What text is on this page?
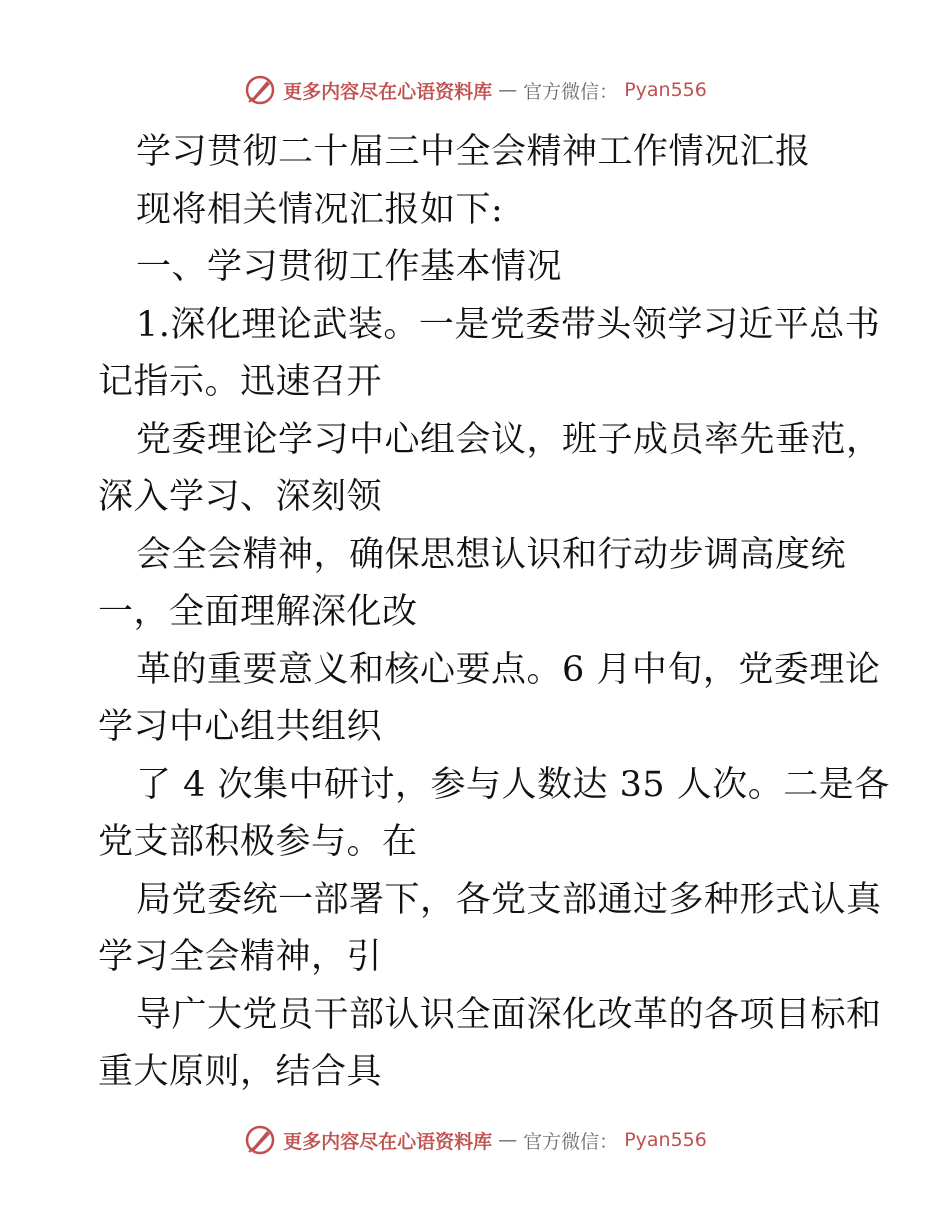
更多内容尽在心语资料库 — 官方微信： Pyan556

学习贯彻二十届三中全会精神工作情况汇报

现将相关情况汇报如下:

一、学习贯彻工作基本情况

1.深化理论武装。一是党委带头领学习近平总书

记指示。迅速召开

党委理论学习中心组会议，班子成员率先垂范，

深入学习、深刻领

会全会精神，确保思想认识和行动步调高度统

一，全面理解深化改

革的重要意义和核心要点。6 月中旬，党委理论

学习中心组共组织

了 4 次集中研讨，参与人数达 35 人次。二是各

党支部积极参与。在

局党委统一部署下，各党支部通过多种形式认真

学习全会精神，引

导广大党员干部认识全面深化改革的各项目标和

重大原则，结合具

更多内容尽在心语资料库 — 官方微信： Pyan556
